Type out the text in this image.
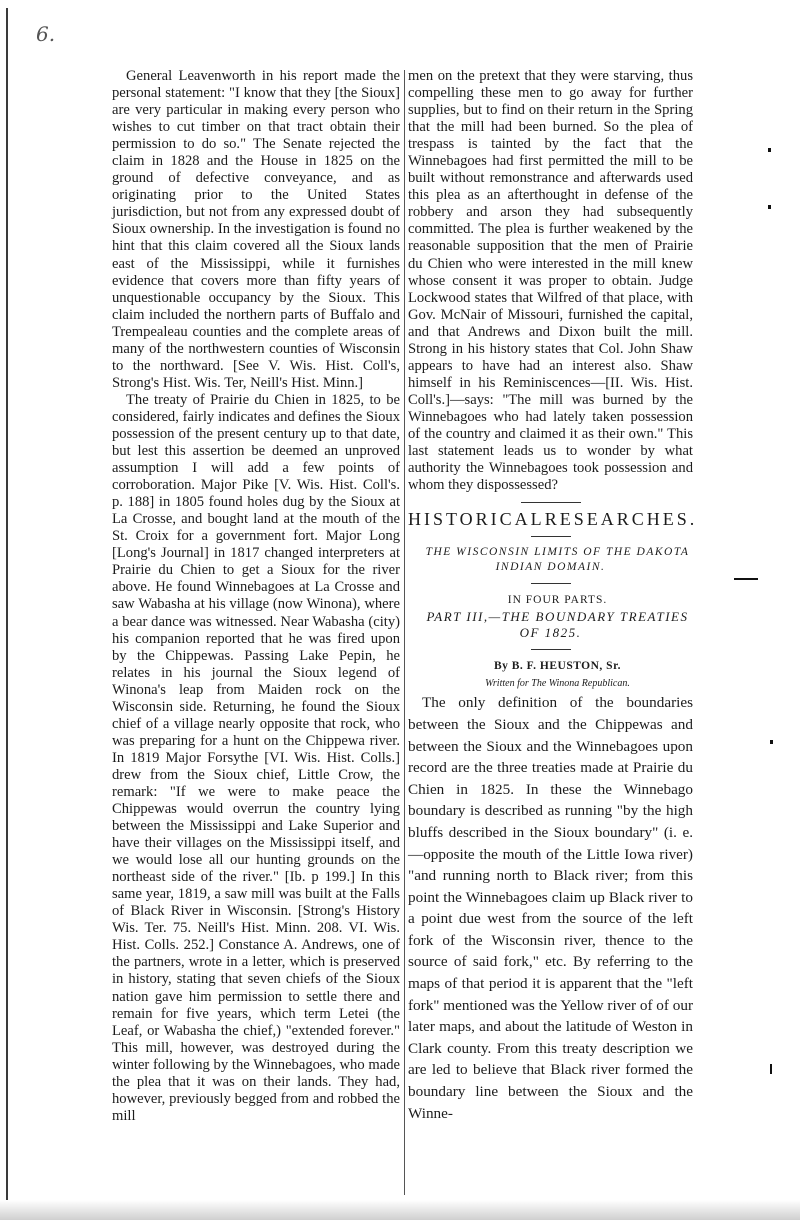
6.

General Leavenworth in his report made the personal statement: "I know that they [the Sioux] are very particular in making every person who wishes to cut timber on that tract obtain their permission to do so." The Senate rejected the claim in 1828 and the House in 1825 on the ground of defective conveyance, and as originating prior to the United States jurisdiction, but not from any expressed doubt of Sioux ownership. In the investigation is found no hint that this claim covered all the Sioux lands east of the Mississippi, while it furnishes evidence that covers more than fifty years of unquestionable occupancy by the Sioux. This claim included the northern parts of Buffalo and Trempealeau counties and the complete areas of many of the northwestern counties of Wisconsin to the northward. [See V. Wis. Hist. Coll's, Strong's Hist. Wis. Ter, Neill's Hist. Minn.]

The treaty of Prairie du Chien in 1825, to be considered, fairly indicates and defines the Sioux possession of the present century up to that date, but lest this assertion be deemed an unproved assumption I will add a few points of corroboration. Major Pike [V. Wis. Hist. Coll's. p. 188] in 1805 found holes dug by the Sioux at La Crosse, and bought land at the mouth of the St. Croix for a government fort. Major Long [Long's Journal] in 1817 changed interpreters at Prairie du Chien to get a Sioux for the river above. He found Winnebagoes at La Crosse and saw Wabasha at his village (now Winona), where a bear dance was witnessed. Near Wabasha (city) his companion reported that he was fired upon by the Chippewas. Passing Lake Pepin, he relates in his journal the Sioux legend of Winona's leap from Maiden rock on the Wisconsin side. Returning, he found the Sioux chief of a village nearly opposite that rock, who was preparing for a hunt on the Chippewa river. In 1819 Major Forsythe [VI. Wis. Hist. Colls.] drew from the Sioux chief, Little Crow, the remark: "If we were to make peace the Chippewas would overrun the country lying between the Mississippi and Lake Superior and have their villages on the Mississippi itself, and we would lose all our hunting grounds on the northeast side of the river." [Ib. p 199.] In this same year, 1819, a saw mill was built at the Falls of Black River in Wisconsin. [Strong's History Wis. Ter. 75. Neill's Hist. Minn. 208. VI. Wis. Hist. Colls. 252.] Constance A. Andrews, one of the partners, wrote in a letter, which is preserved in history, stating that seven chiefs of the Sioux nation gave him permission to settle there and remain for five years, which term Letei (the Leaf, or Wabasha the chief,) "extended forever." This mill, however, was destroyed during the winter following by the Winnebagoes, who made the plea that it was on their lands. They had, however, previously begged from and robbed the mill

men on the pretext that they were starving, thus compelling these men to go away for further supplies, but to find on their return in the Spring that the mill had been burned. So the plea of trespass is tainted by the fact that the Winnebagoes had first permitted the mill to be built without remonstrance and afterwards used this plea as an afterthought in defense of the robbery and arson they had subsequently committed. The plea is further weakened by the reasonable supposition that the men of Prairie du Chien who were interested in the mill knew whose consent it was proper to obtain. Judge Lockwood states that Wilfred of that place, with Gov. McNair of Missouri, furnished the capital, and that Andrews and Dixon built the mill. Strong in his history states that Col. John Shaw appears to have had an interest also. Shaw himself in his Reminiscences—[II. Wis. Hist. Coll's.]—says: "The mill was burned by the Winnebagoes who had lately taken possession of the country and claimed it as their own." This last statement leads us to wonder by what authority the Winnebagoes took possession and whom they dispossessed?

HISTORICAL RESEARCHES.

THE WISCONSIN LIMITS OF THE DAKOTA INDIAN DOMAIN.

IN FOUR PARTS.

PART III,—THE BOUNDARY TREATIES OF 1825.

By B. F. HEUSTON, Sr.

Written for The Winona Republican.

The only definition of the boundaries between the Sioux and the Chippewas and between the Sioux and the Winnebagoes upon record are the three treaties made at Prairie du Chien in 1825. In these the Winnebago boundary is described as running "by the high bluffs described in the Sioux boundary" (i. e.—opposite the mouth of the Little Iowa river) "and running north to Black river; from this point the Winnebagoes claim up Black river to a point due west from the source of the left fork of the Wisconsin river, thence to the source of said fork," etc. By referring to the maps of that period it is apparent that the "left fork" mentioned was the Yellow river of of our later maps, and about the latitude of Weston in Clark county. From this treaty description we are led to believe that Black river formed the boundary line between the Sioux and the Winne-
